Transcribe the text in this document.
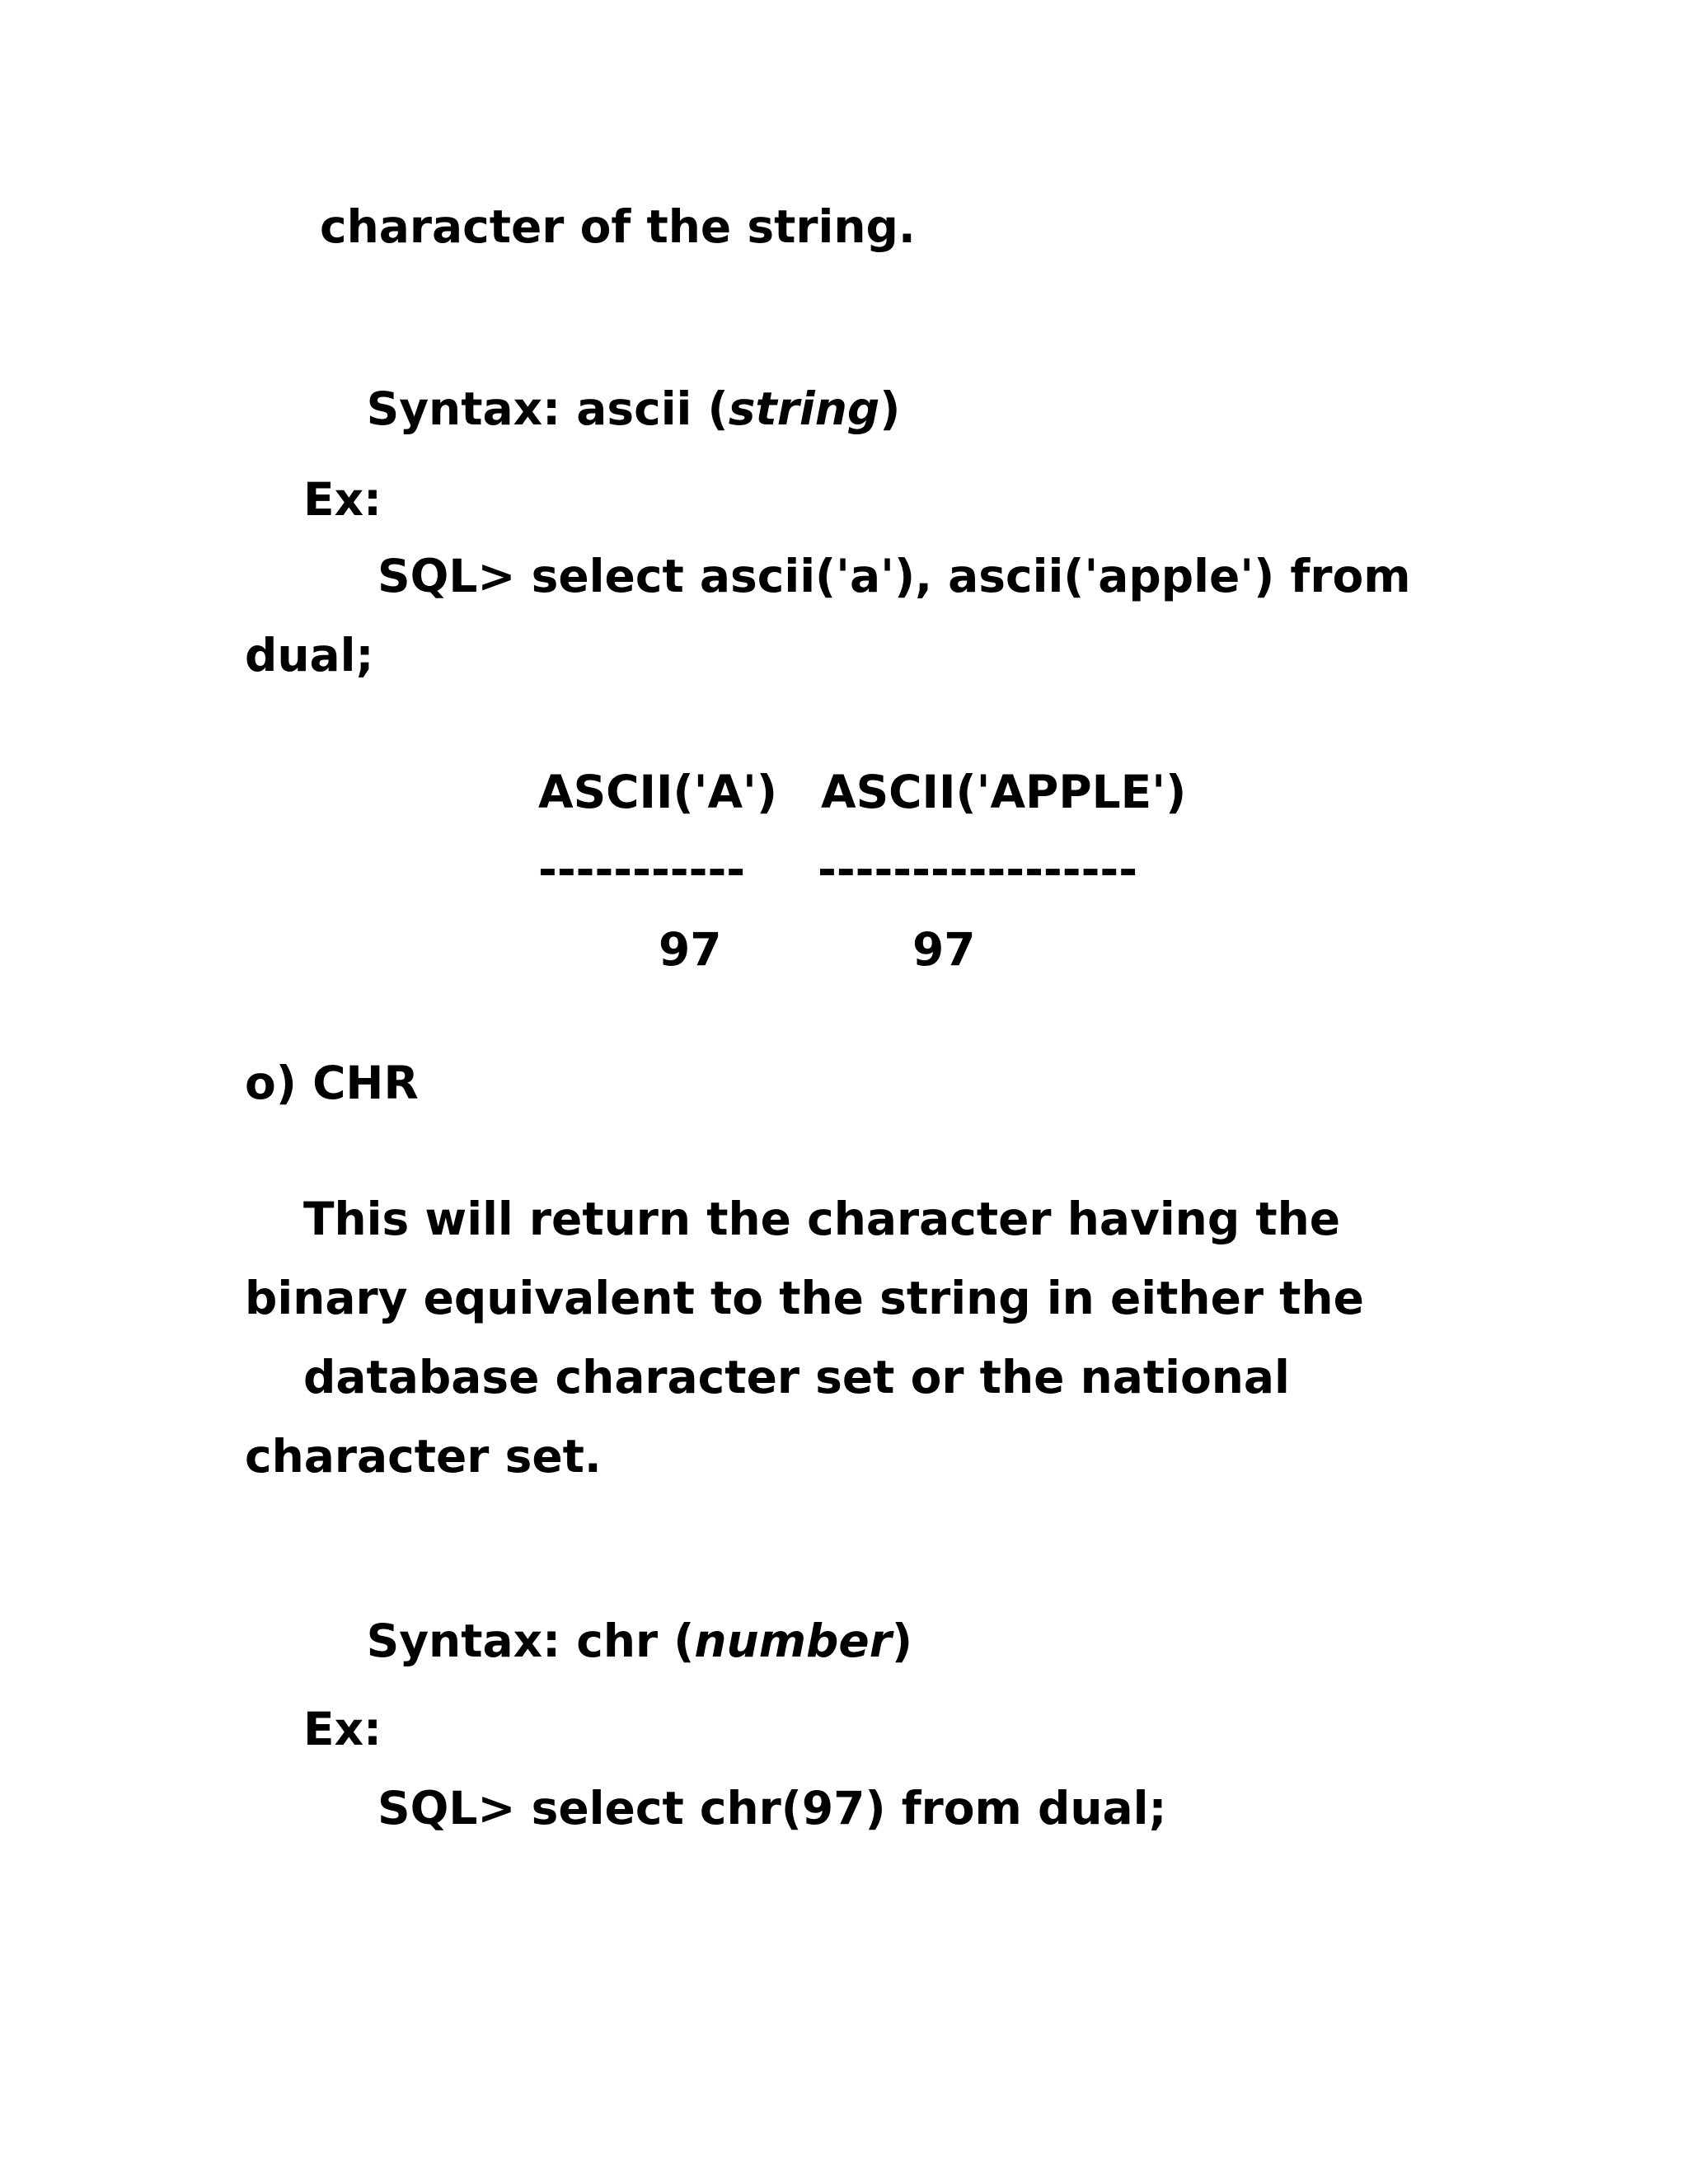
character of the string.

Syntax: ascii (string)

Ex:
SQL> select ascii('a'), ascii('apple') from
dual;
ASCII('A') ASCII('APPLE')
----------- -----------------
97	97
o) CHR
This will return the character having the
binary equivalent to the string in either the
database character set or the national
character set.

Syntax: chr (number)

Ex:
SQL> select chr(97) from dual;
